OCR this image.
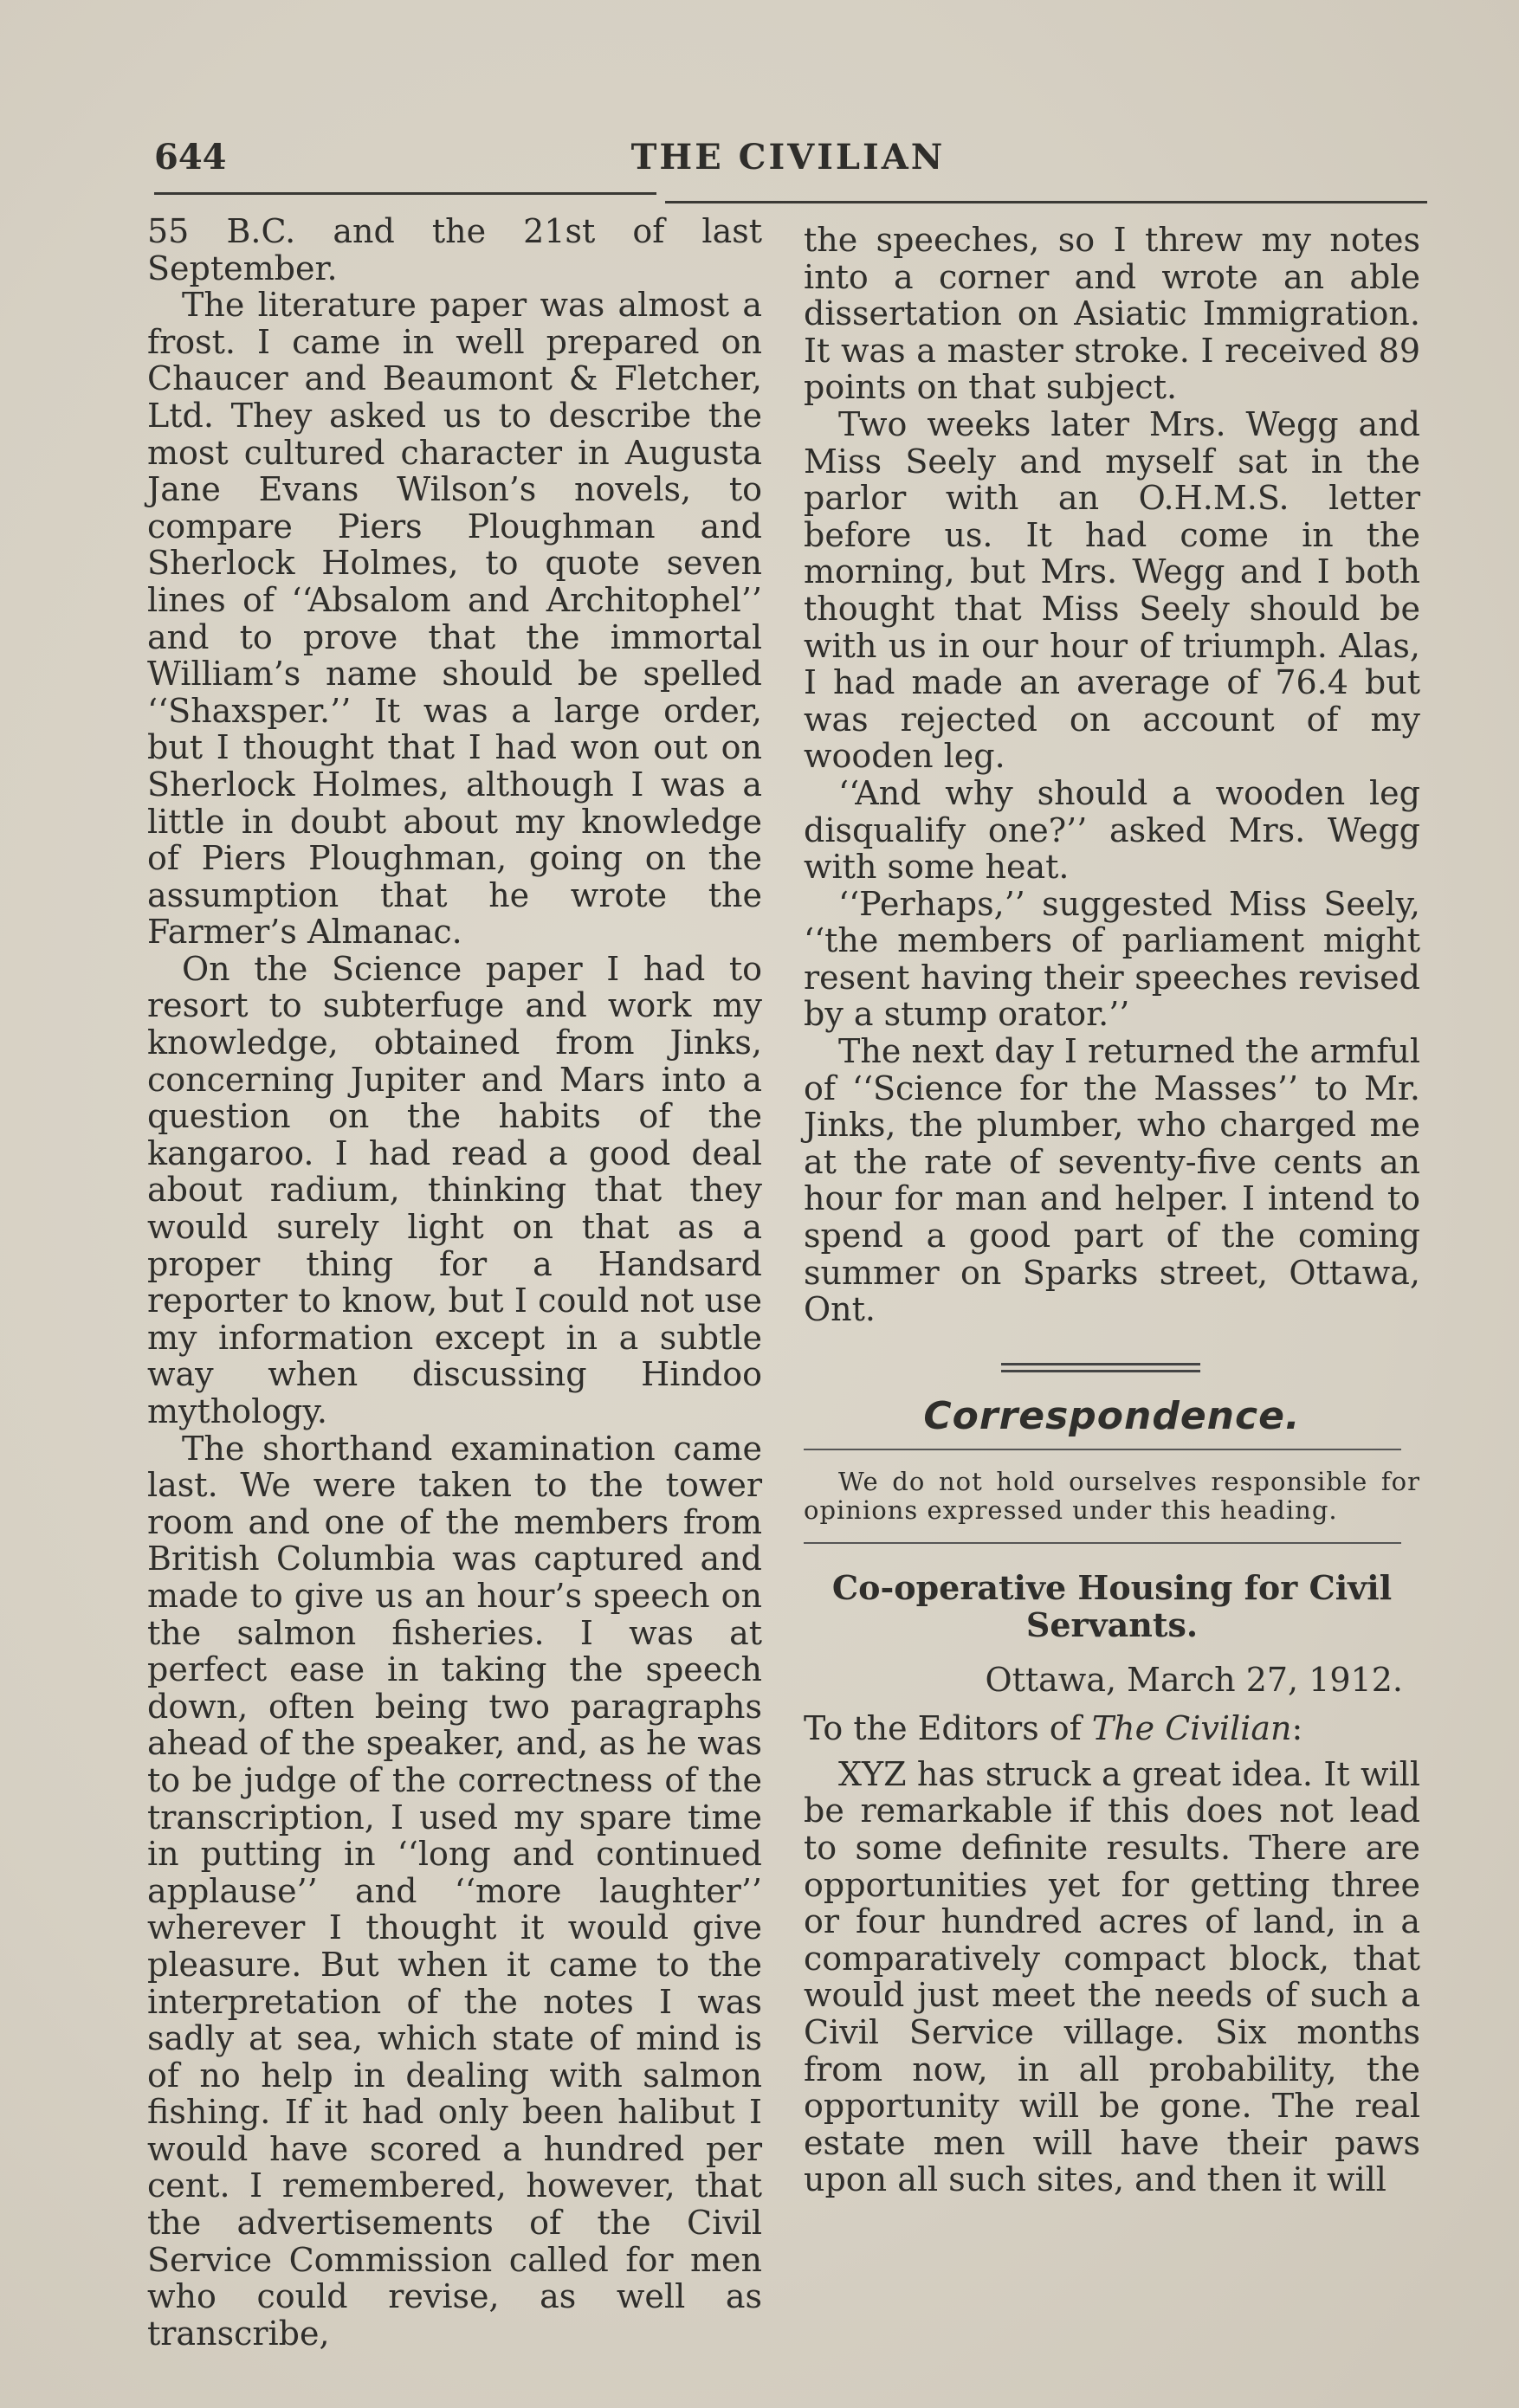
644	THE CIVILIAN

55 B.C. and the 21st of last September.

The literature paper was almost a frost. I came in well prepared on Chaucer and Beaumont & Fletcher, Ltd. They asked us to describe the most cultured character in Augusta Jane Evans Wilson’s novels, to compare Piers Ploughman and Sherlock Holmes, to quote seven lines of ‘‘Absalom and Architophel’’ and to prove that the immortal William’s name should be spelled ‘‘Shaxsper.’’ It was a large order, but I thought that I had won out on Sherlock Holmes, although I was a little in doubt about my knowledge of Piers Ploughman, going on the assumption that he wrote the Farmer’s Almanac.

On the Science paper I had to resort to subterfuge and work my knowledge, obtained from Jinks, concerning Jupiter and Mars into a question on the habits of the kangaroo. I had read a good deal about radium, thinking that they would surely light on that as a proper thing for a Handsard reporter to know, but I could not use my information except in a subtle way when discussing Hindoo mythology.

The shorthand examination came last. We were taken to the tower room and one of the members from British Columbia was captured and made to give us an hour’s speech on the salmon fisheries. I was at perfect ease in taking the speech down, often being two paragraphs ahead of the speaker, and, as he was to be judge of the correctness of the transcription, I used my spare time in putting in ‘‘long and continued applause’’ and ‘‘more laughter’’ wherever I thought it would give pleasure. But when it came to the interpretation of the notes I was sadly at sea, which state of mind is of no help in dealing with salmon fishing. If it had only been halibut I would have scored a hundred per cent. I remembered, however, that the advertisements of the Civil Service Commission called for men who could revise, as well as transcribe,

the speeches, so I threw my notes into a corner and wrote an able dissertation on Asiatic Immigration. It was a master stroke. I received 89 points on that subject.

Two weeks later Mrs. Wegg and Miss Seely and myself sat in the parlor with an O.H.M.S. letter before us. It had come in the morning, but Mrs. Wegg and I both thought that Miss Seely should be with us in our hour of triumph. Alas, I had made an average of 76.4 but was rejected on account of my wooden leg.

‘‘And why should a wooden leg disqualify one?’’ asked Mrs. Wegg with some heat.

‘‘Perhaps,’’ suggested Miss Seely, ‘‘the members of parliament might resent having their speeches revised by a stump orator.’’

The next day I returned the armful of ‘‘Science for the Masses’’ to Mr. Jinks, the plumber, who charged me at the rate of seventy-five cents an hour for man and helper. I intend to spend a good part of the coming summer on Sparks street, Ottawa, Ont.

Correspondence.
We do not hold ourselves responsible for opinions expressed under this heading.
Co-operative Housing for Civil Servants.
Ottawa, March 27, 1912.
To the Editors of The Civilian:

XYZ has struck a great idea. It will be remarkable if this does not lead to some definite results. There are opportunities yet for getting three or four hundred acres of land, in a comparatively compact block, that would just meet the needs of such a Civil Service village. Six months from now, in all probability, the opportunity will be gone. The real estate men will have their paws upon all such sites, and then it will
